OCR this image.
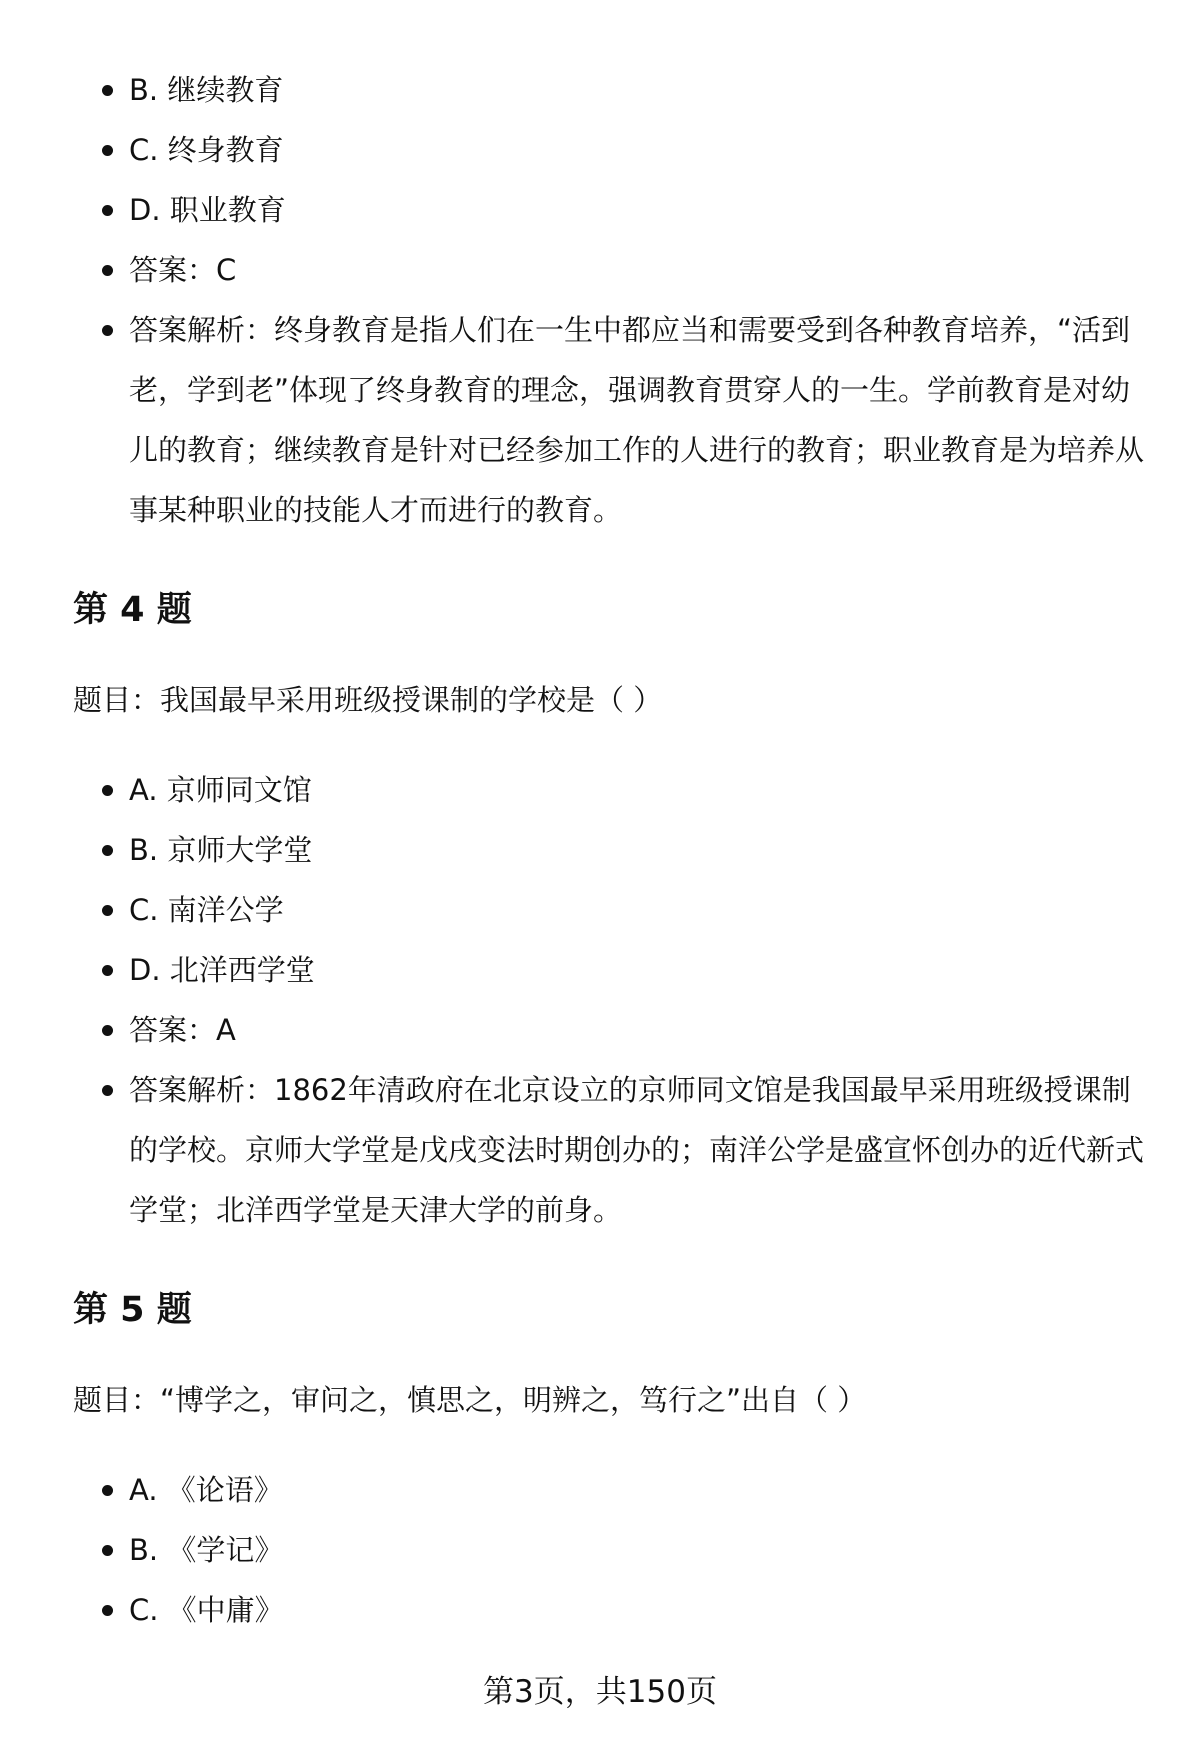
B. 继续教育
C. 终身教育
D. 职业教育
答案：C
答案解析：终身教育是指人们在一生中都应当和需要受到各种教育培养，“活到老，学到老”体现了终身教育的理念，强调教育贯穿人的一生。学前教育是对幼儿的教育；继续教育是针对已经参加工作的人进行的教育；职业教育是为培养从事某种职业的技能人才而进行的教育。
第 4 题

题目：我国最早采用班级授课制的学校是（ ）

A. 京师同文馆
B. 京师大学堂
C. 南洋公学
D. 北洋西学堂
答案：A
答案解析：1862年清政府在北京设立的京师同文馆是我国最早采用班级授课制的学校。京师大学堂是戊戌变法时期创办的；南洋公学是盛宣怀创办的近代新式学堂；北洋西学堂是天津大学的前身。
第 5 题

题目：“博学之，审问之，慎思之，明辨之，笃行之”出自（ ）

A. 《论语》
B. 《学记》
C. 《中庸》
第3页，共150页
